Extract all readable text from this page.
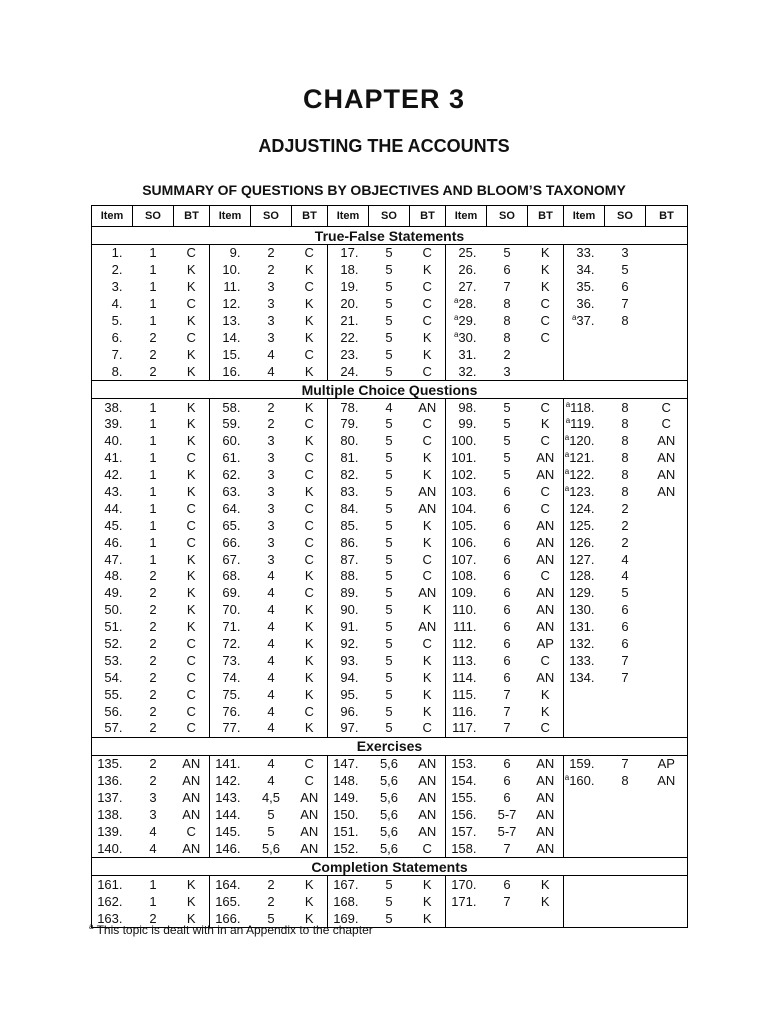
CHAPTER 3
ADJUSTING THE ACCOUNTS
SUMMARY OF QUESTIONS BY OBJECTIVES AND BLOOM’S TAXONOMY
Item	SO	BT	Item	SO	BT	Item	SO	BT	Item	SO	BT	Item	SO	BT
True-False Statements														
1.	1	C	9.	2	C	17.	5	C	25.	5	K	33.	3	
2.	1	K	10.	2	K	18.	5	K	26.	6	K	34.	5	
3.	1	K	11.	3	C	19.	5	C	27.	7	K	35.	6	
4.	1	C	12.	3	K	20.	5	C	$^a$28.	8	C	36.	7	
5.	1	K	13.	3	K	21.	5	C	$^a$29.	8	C	$^a$37.	8	
6.	2	C	14.	3	K	22.	5	K	$^a$30.	8	C			
7.	2	K	15.	4	C	23.	5	K	31.	2				
8.	2	K	16.	4	K	24.	5	C	32.	3				
Multiple Choice Questions														
38.	1	K	58.	2	K	78.	4	AN	98.	5	C	$^a$118.	8	C
39.	1	K	59.	2	C	79.	5	C	99.	5	K	$^a$119.	8	C
40.	1	K	60.	3	K	80.	5	C	100.	5	C	$^a$120.	8	AN
41.	1	C	61.	3	C	81.	5	K	101.	5	AN	$^a$121.	8	AN
42.	1	K	62.	3	C	82.	5	K	102.	5	AN	$^a$122.	8	AN
43.	1	K	63.	3	K	83.	5	AN	103.	6	C	$^a$123.	8	AN
44.	1	C	64.	3	C	84.	5	AN	104.	6	C	124.	2	
45.	1	C	65.	3	C	85.	5	K	105.	6	AN	125.	2	
46.	1	C	66.	3	C	86.	5	K	106.	6	AN	126.	2	
47.	1	K	67.	3	C	87.	5	C	107.	6	AN	127.	4	
48.	2	K	68.	4	K	88.	5	C	108.	6	C	128.	4	
49.	2	K	69.	4	C	89.	5	AN	109.	6	AN	129.	5	
50.	2	K	70.	4	K	90.	5	K	110.	6	AN	130.	6	
51.	2	K	71.	4	K	91.	5	AN	111.	6	AN	131.	6	
52.	2	C	72.	4	K	92.	5	C	112.	6	AP	132.	6	
53.	2	C	73.	4	K	93.	5	K	113.	6	C	133.	7	
54.	2	C	74.	4	K	94.	5	K	114.	6	AN	134.	7	
55.	2	C	75.	4	K	95.	5	K	115.	7	K			
56.	2	C	76.	4	C	96.	5	K	116.	7	K			
57.	2	C	77.	4	K	97.	5	C	117.	7	C			
Exercises														
135.	2	AN	141.	4	C	147.	5,6	AN	153.	6	AN	159.	7	AP
136.	2	AN	142.	4	C	148.	5,6	AN	154.	6	AN	$^a$160.	8	AN
137.	3	AN	143.	4,5	AN	149.	5,6	AN	155.	6	AN			
138.	3	AN	144.	5	AN	150.	5,6	AN	156.	5-7	AN			
139.	4	C	145.	5	AN	151.	5,6	AN	157.	5-7	AN			
140.	4	AN	146.	5,6	AN	152.	5,6	C	158.	7	AN			
Completion Statements														
161.	1	K	164.	2	K	167.	5	K	170.	6	K			
162.	1	K	165.	2	K	168.	5	K	171.	7	K			
163.	2	K	166.	5	K	169.	5	K						
$^a$ This topic is dealt with in an Appendix to the chapter
